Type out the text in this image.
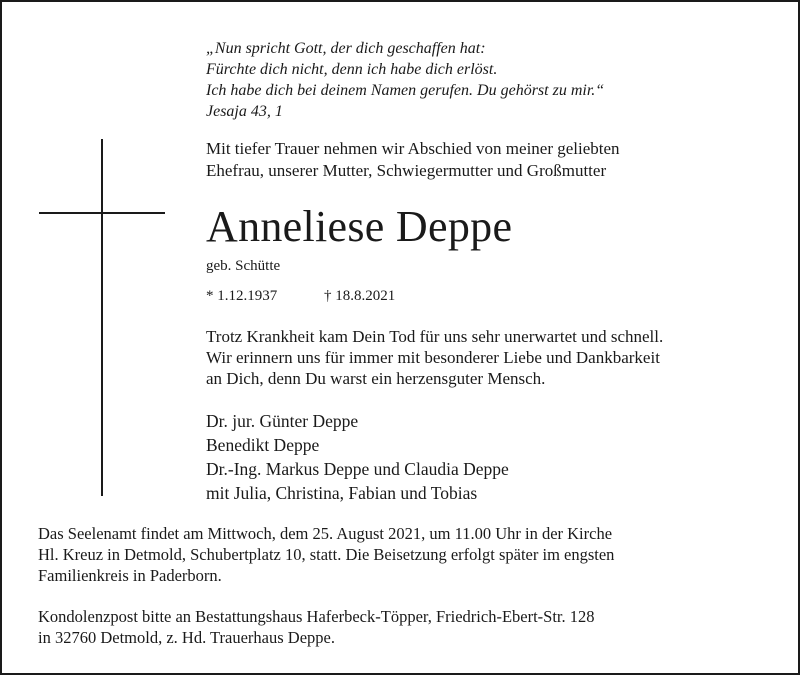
„Nun spricht Gott, der dich geschaffen hat:
Fürchte dich nicht, denn ich habe dich erlöst.
Ich habe dich bei deinem Namen gerufen. Du gehörst zu mir.“
Jesaja 43, 1
Mit tiefer Trauer nehmen wir Abschied von meiner geliebten
Ehefrau, unserer Mutter, Schwiegermutter und Großmutter
Anneliese Deppe
geb. Schütte
* 1.12.1937	† 18.8.2021
Trotz Krankheit kam Dein Tod für uns sehr unerwartet und schnell.
Wir erinnern uns für immer mit besonderer Liebe und Dankbarkeit
an Dich, denn Du warst ein herzensguter Mensch.
Dr. jur. Günter Deppe
Benedikt Deppe
Dr.-Ing. Markus Deppe und Claudia Deppe
mit Julia, Christina, Fabian und Tobias
Das Seelenamt findet am Mittwoch, dem 25. August 2021, um 11.00 Uhr in der Kirche
Hl. Kreuz in Detmold, Schubertplatz 10, statt. Die Beisetzung erfolgt später im engsten
Familienkreis in Paderborn.
Kondolenzpost bitte an Bestattungshaus Haferbeck-Töpper, Friedrich-Ebert-Str. 128
in 32760 Detmold, z. Hd. Trauerhaus Deppe.
